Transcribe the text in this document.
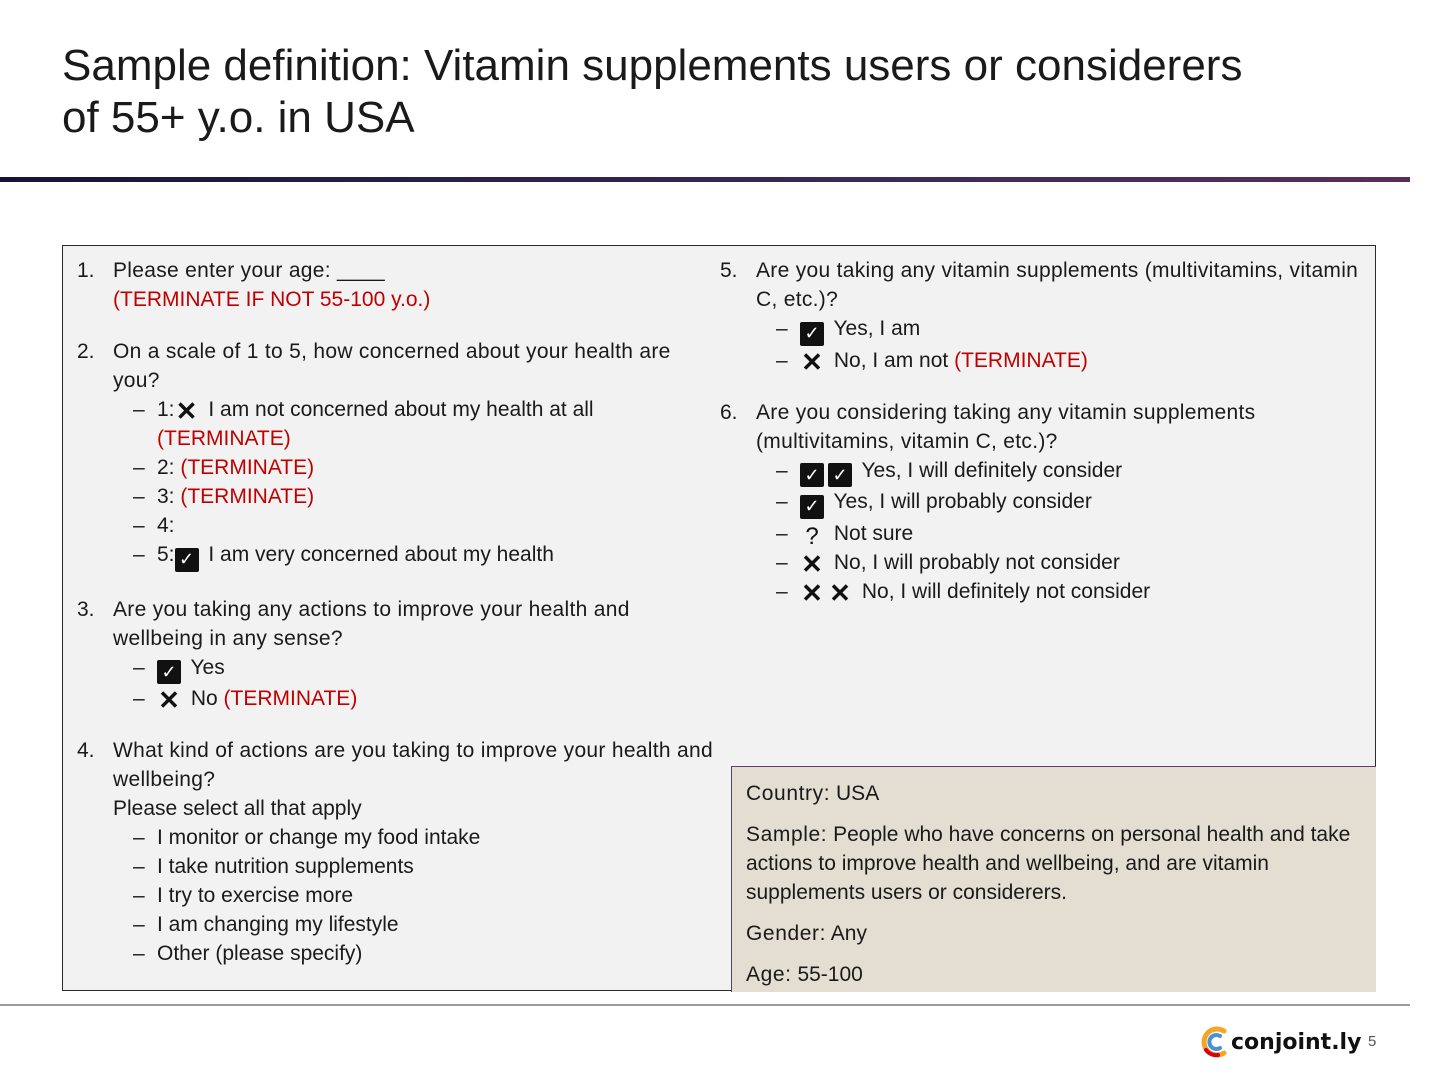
Sample definition: Vitamin supplements users or considerers of 55+ y.o. in USA
1. Please enter your age: ____
(TERMINATE IF NOT 55-100 y.o.)
2. On a scale of 1 to 5, how concerned about your health are you?
– 1:✕ I am not concerned about my health at all (TERMINATE)
– 2: (TERMINATE)
– 3: (TERMINATE)
– 4:
– 5: ✓ I am very concerned about my health
3. Are you taking any actions to improve your health and wellbeing in any sense?
– ✓ Yes
– ✕ No (TERMINATE)
4. What kind of actions are you taking to improve your health and wellbeing?
Please select all that apply
– I monitor or change my food intake
– I take nutrition supplements
– I try to exercise more
– I am changing my lifestyle
– Other (please specify)
5. Are you taking any vitamin supplements (multivitamins, vitamin C, etc.)?
– ✓ Yes, I am
– ✕ No, I am not (TERMINATE)
6. Are you considering taking any vitamin supplements (multivitamins, vitamin C, etc.)?
– ✓ ✓ Yes, I will definitely consider
– ✓ Yes, I will probably consider
– ? Not sure
– ✕ No, I will probably not consider
– ✕ ✕ No, I will definitely not consider

Country: USA

Sample: People who have concerns on personal health and take actions to improve health and wellbeing, and are vitamin supplements users or considerers.

Gender: Any

Age: 55-100

conjoint.ly 5
